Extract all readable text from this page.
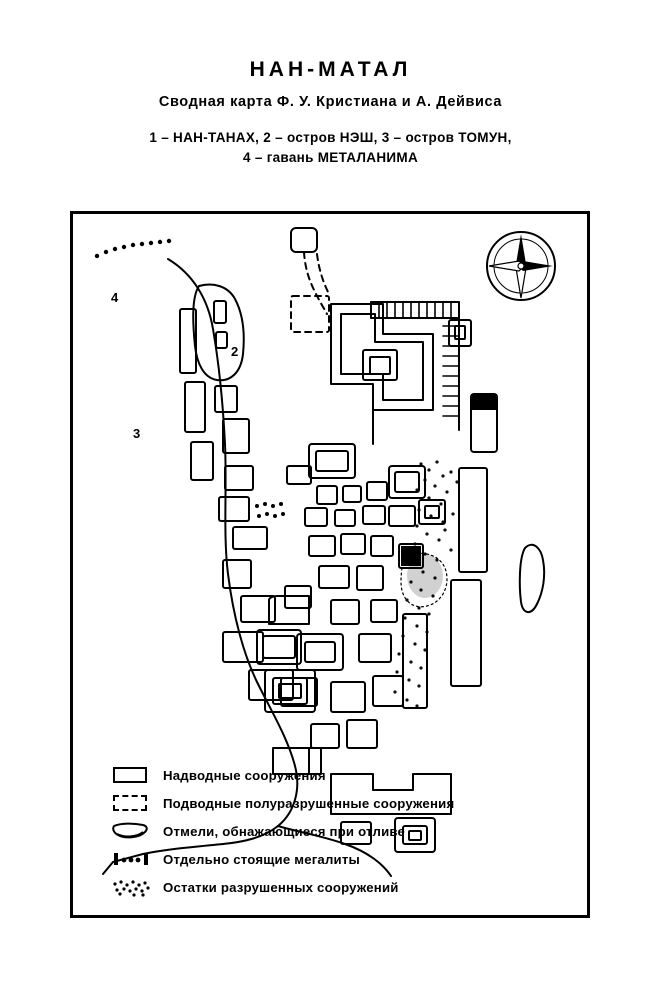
НАН-МАТАЛ
Сводная карта Ф. У. Кристиана и А. Дейвиса
1 – НАН-ТАНАХ, 2 – остров НЭШ, 3 – остров ТОМУН,
4 – гавань МЕТАЛАНИМА
4
2
3
Надводные сооружения
Подводные полуразрушенные сооружения
Отмели, обнажающиеся при отливе
Отдельно стоящие мегалиты
Остатки разрушенных сооружений
